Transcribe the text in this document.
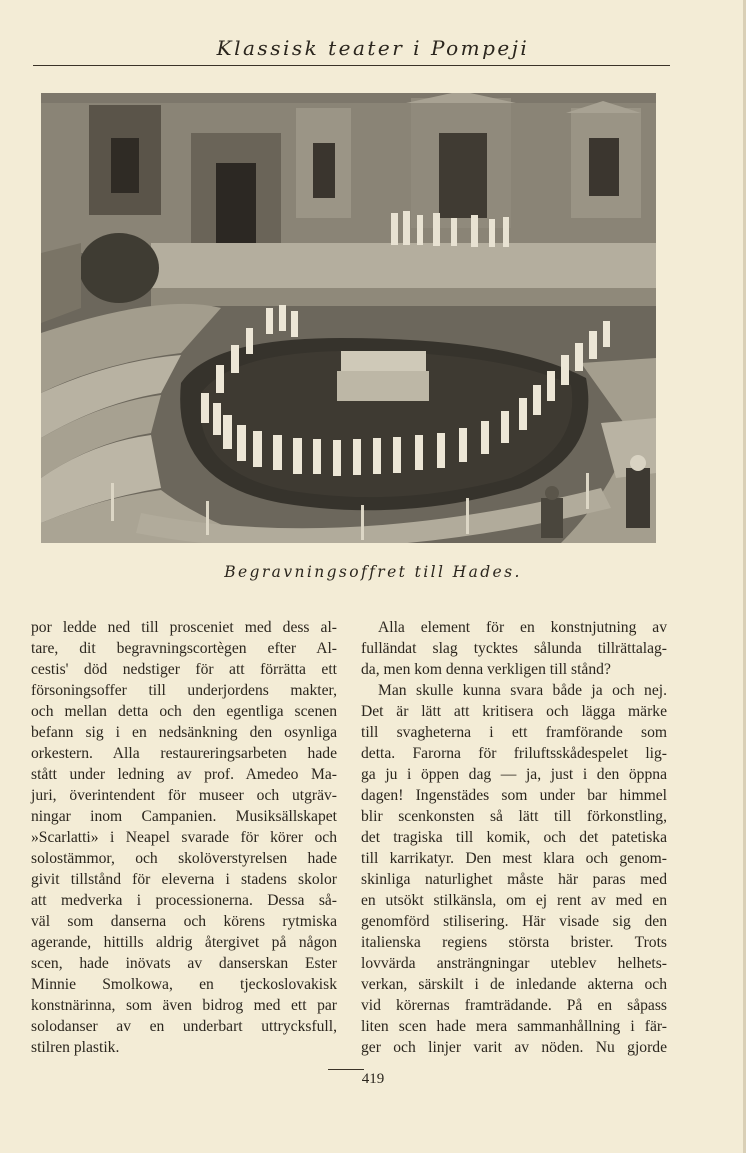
Klassisk teater i Pompeji
Begravningsoffret till Hades.

por ledde ned till prosceniet med dess al-

tare, dit begravningscortègen efter Al-

cestis' död nedstiger för att förrätta ett

försoningsoffer till underjordens makter,

och mellan detta och den egentliga scenen

befann sig i en nedsänkning den osynliga

orkestern. Alla restaureringsarbeten hade

stått under ledning av prof. Amedeo Ma-

juri, överintendent för museer och utgräv-

ningar inom Campanien. Musiksällskapet

»Scarlatti» i Neapel svarade för körer och

solostämmor, och skolöverstyrelsen hade

givit tillstånd för eleverna i stadens skolor

att medverka i processionerna. Dessa så-

väl som danserna och körens rytmiska

agerande, hittills aldrig återgivet på någon

scen, hade inövats av danserskan Ester

Minnie Smolkowa, en tjeckoslovakisk

konstnärinna, som även bidrog med ett par

solodanser av en underbart uttrycksfull,

stilren plastik.

Alla element för en konstnjutning av

fulländat slag tycktes sålunda tillrättalag-

da, men kom denna verkligen till stånd?

Man skulle kunna svara både ja och nej.

Det är lätt att kritisera och lägga märke

till svagheterna i ett framförande som

detta. Farorna för friluftsskådespelet lig-

ga ju i öppen dag — ja, just i den öppna

dagen! Ingenstädes som under bar himmel

blir scenkonsten så lätt till förkonstling,

det tragiska till komik, och det patetiska

till karrikatyr. Den mest klara och genom-

skinliga naturlighet måste här paras med

en utsökt stilkänsla, om ej rent av med en

genomförd stilisering. Här visade sig den

italienska regiens största brister. Trots

lovvärda ansträngningar uteblev helhets-

verkan, särskilt i de inledande akterna och

vid körernas framträdande. På en såpass

liten scen hade mera sammanhållning i fär-

ger och linjer varit av nöden. Nu gjorde

419
